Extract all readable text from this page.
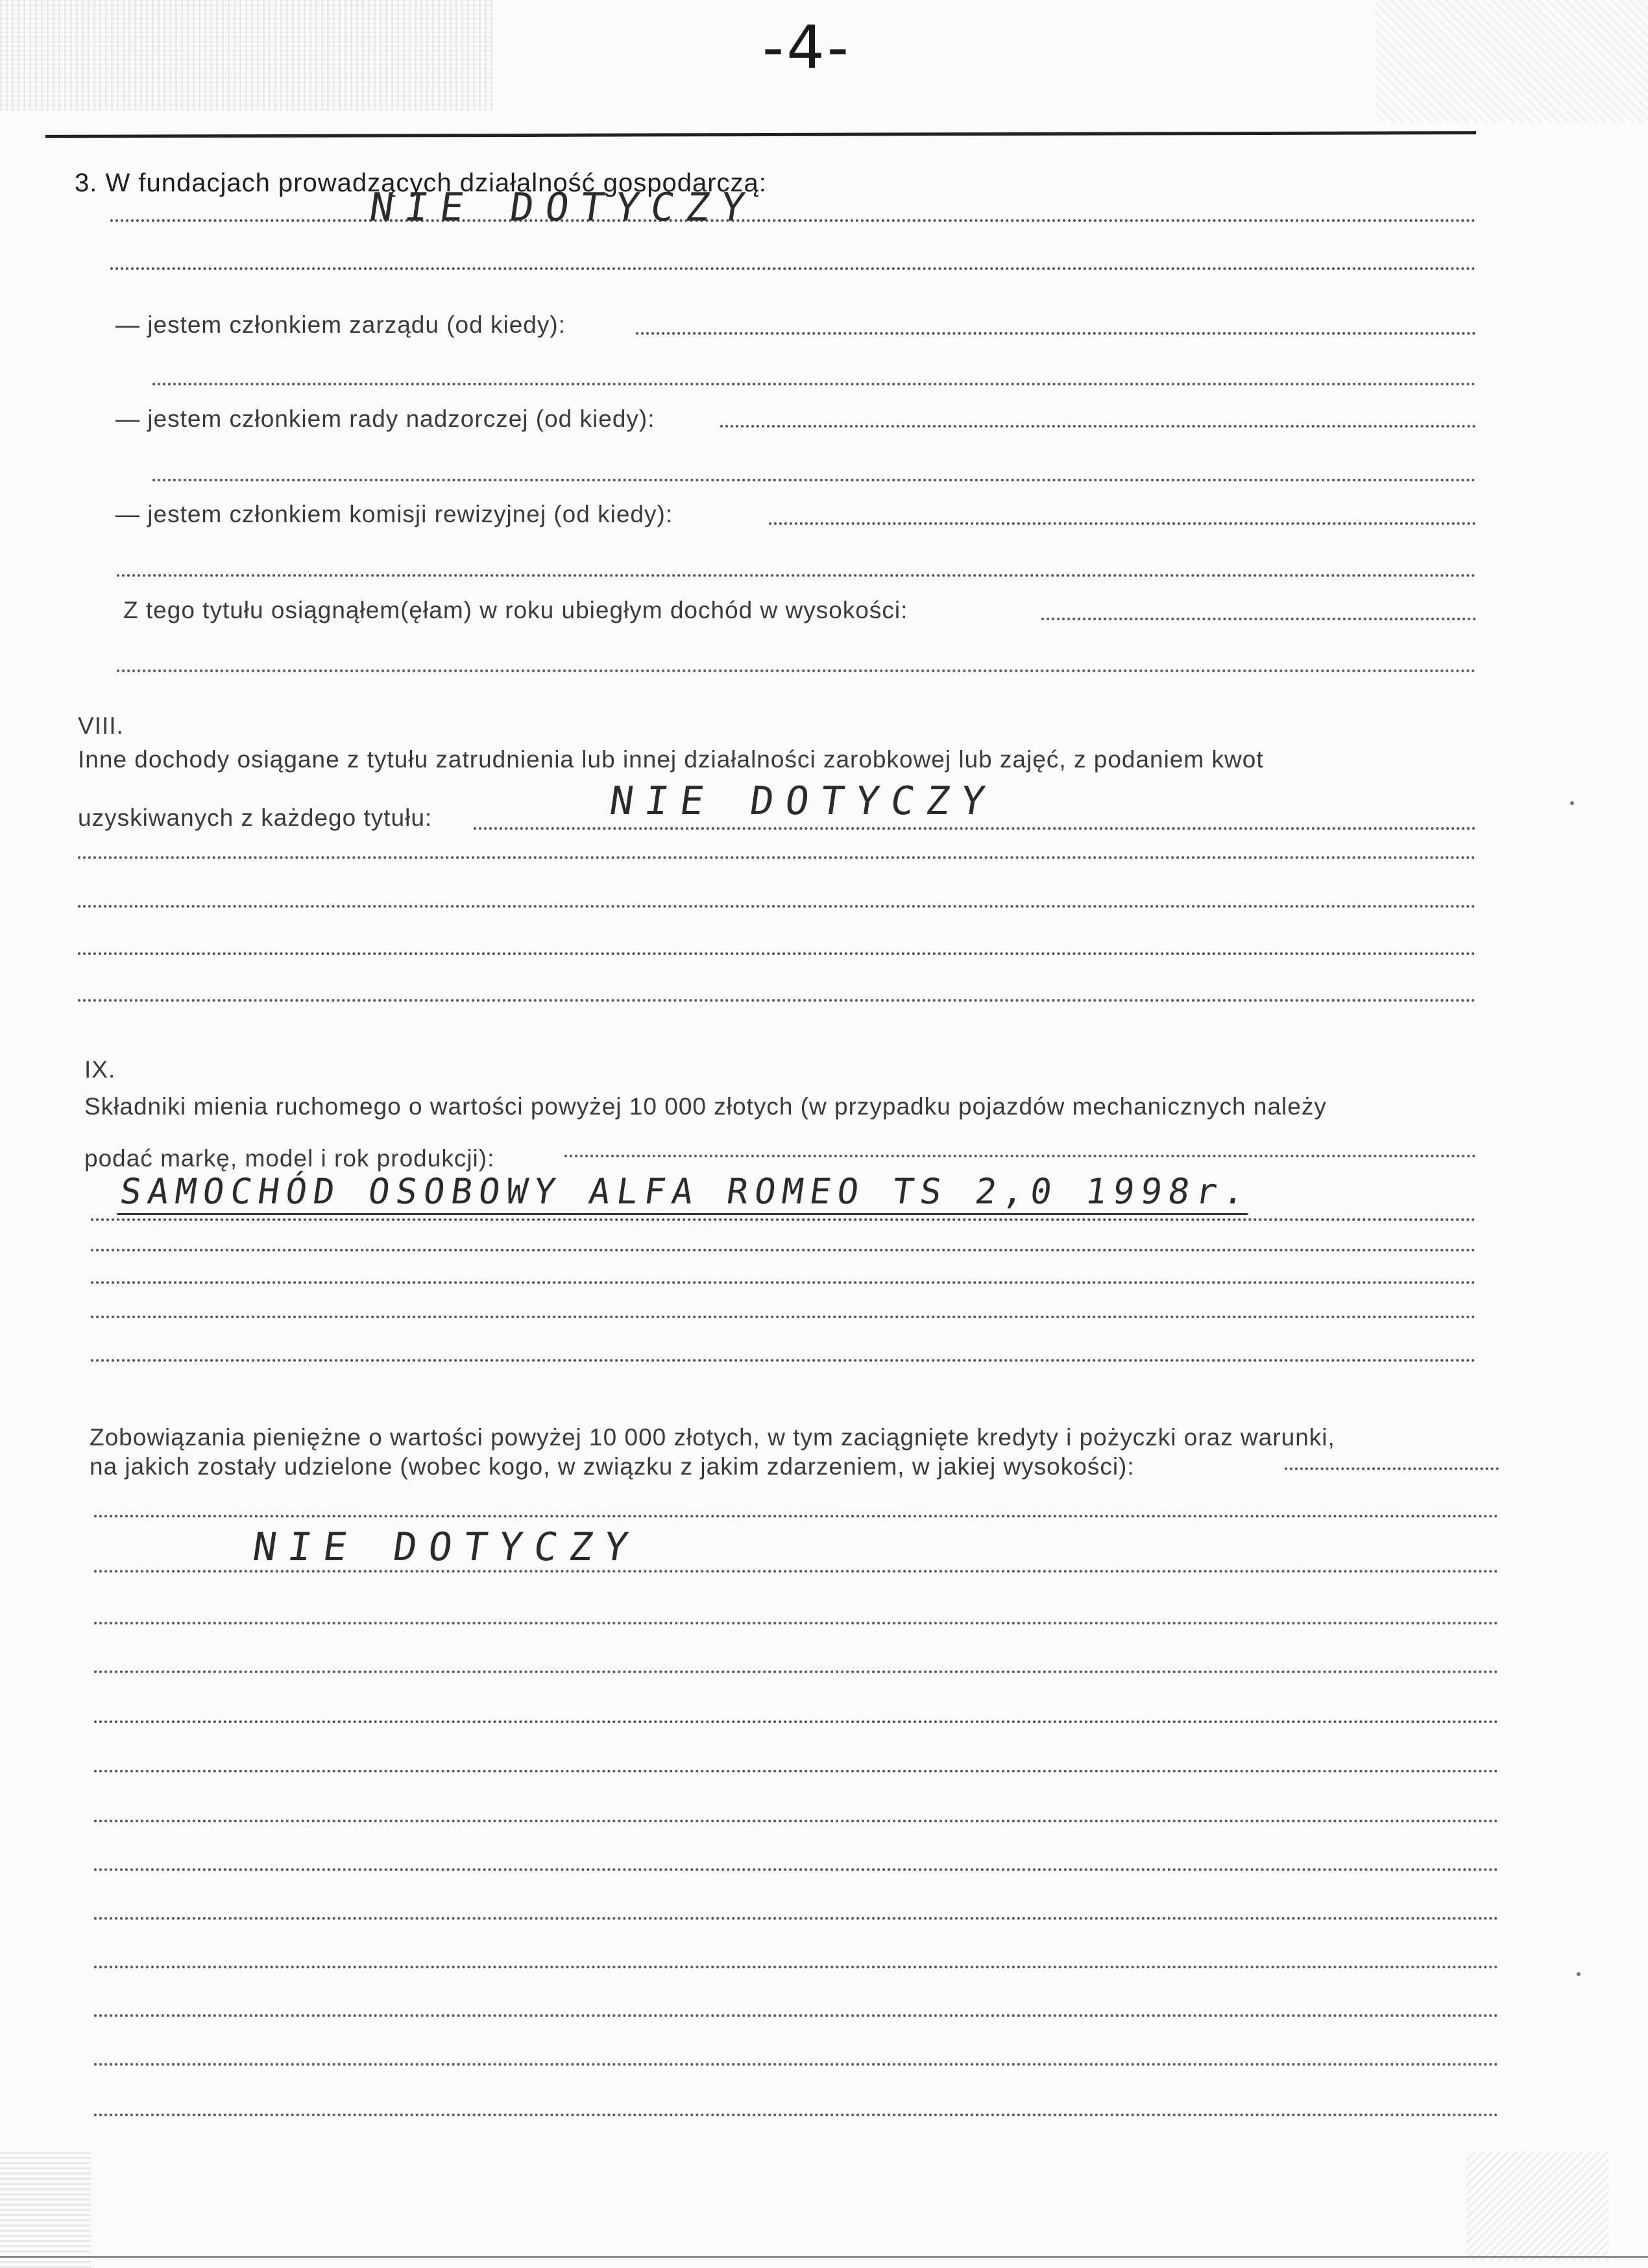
-4-
3. W fundacjach prowadzących działalność gospodarczą:
NIE DOTYCZY
— jestem członkiem zarządu (od kiedy):
— jestem członkiem rady nadzorczej (od kiedy):
— jestem członkiem komisji rewizyjnej (od kiedy):
Z tego tytułu osiągnąłem(ęłam) w roku ubiegłym dochód w wysokości:
VIII.
Inne dochody osiągane z tytułu zatrudnienia lub innej działalności zarobkowej lub zajęć, z podaniem kwot
uzyskiwanych z każdego tytułu:	NIE DOTYCZY
IX.
Składniki mienia ruchomego o wartości powyżej 10 000 złotych (w przypadku pojazdów mechanicznych należy
podać markę, model i rok produkcji):
SAMOCHÓD OSOBOWY ALFA ROMEO TS 2,0 1998r.
Zobowiązania pieniężne o wartości powyżej 10 000 złotych, w tym zaciągnięte kredyty i pożyczki oraz warunki,
na jakich zostały udzielone (wobec kogo, w związku z jakim zdarzeniem, w jakiej wysokości):
NIE DOTYCZY
